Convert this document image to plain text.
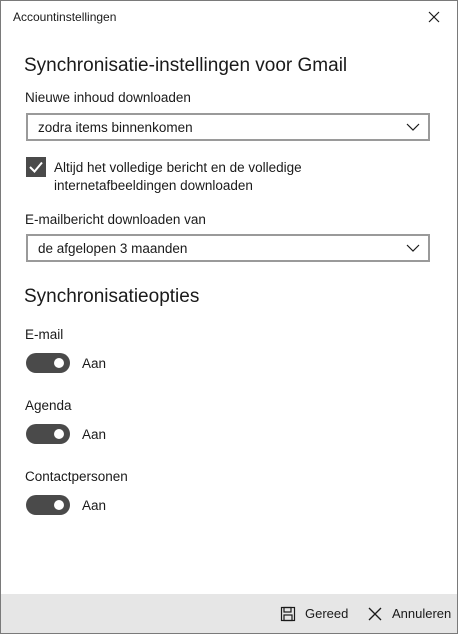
Accountinstellingen
Synchronisatie-instellingen voor Gmail
Nieuwe inhoud downloaden
zodra items binnenkomen
Altijd het volledige bericht en de volledige internetafbeeldingen downloaden
E-mailbericht downloaden van
de afgelopen 3 maanden
Synchronisatieopties
E-mail
Aan
Agenda
Aan
Contactpersonen
Aan
Gereed	Annuleren
